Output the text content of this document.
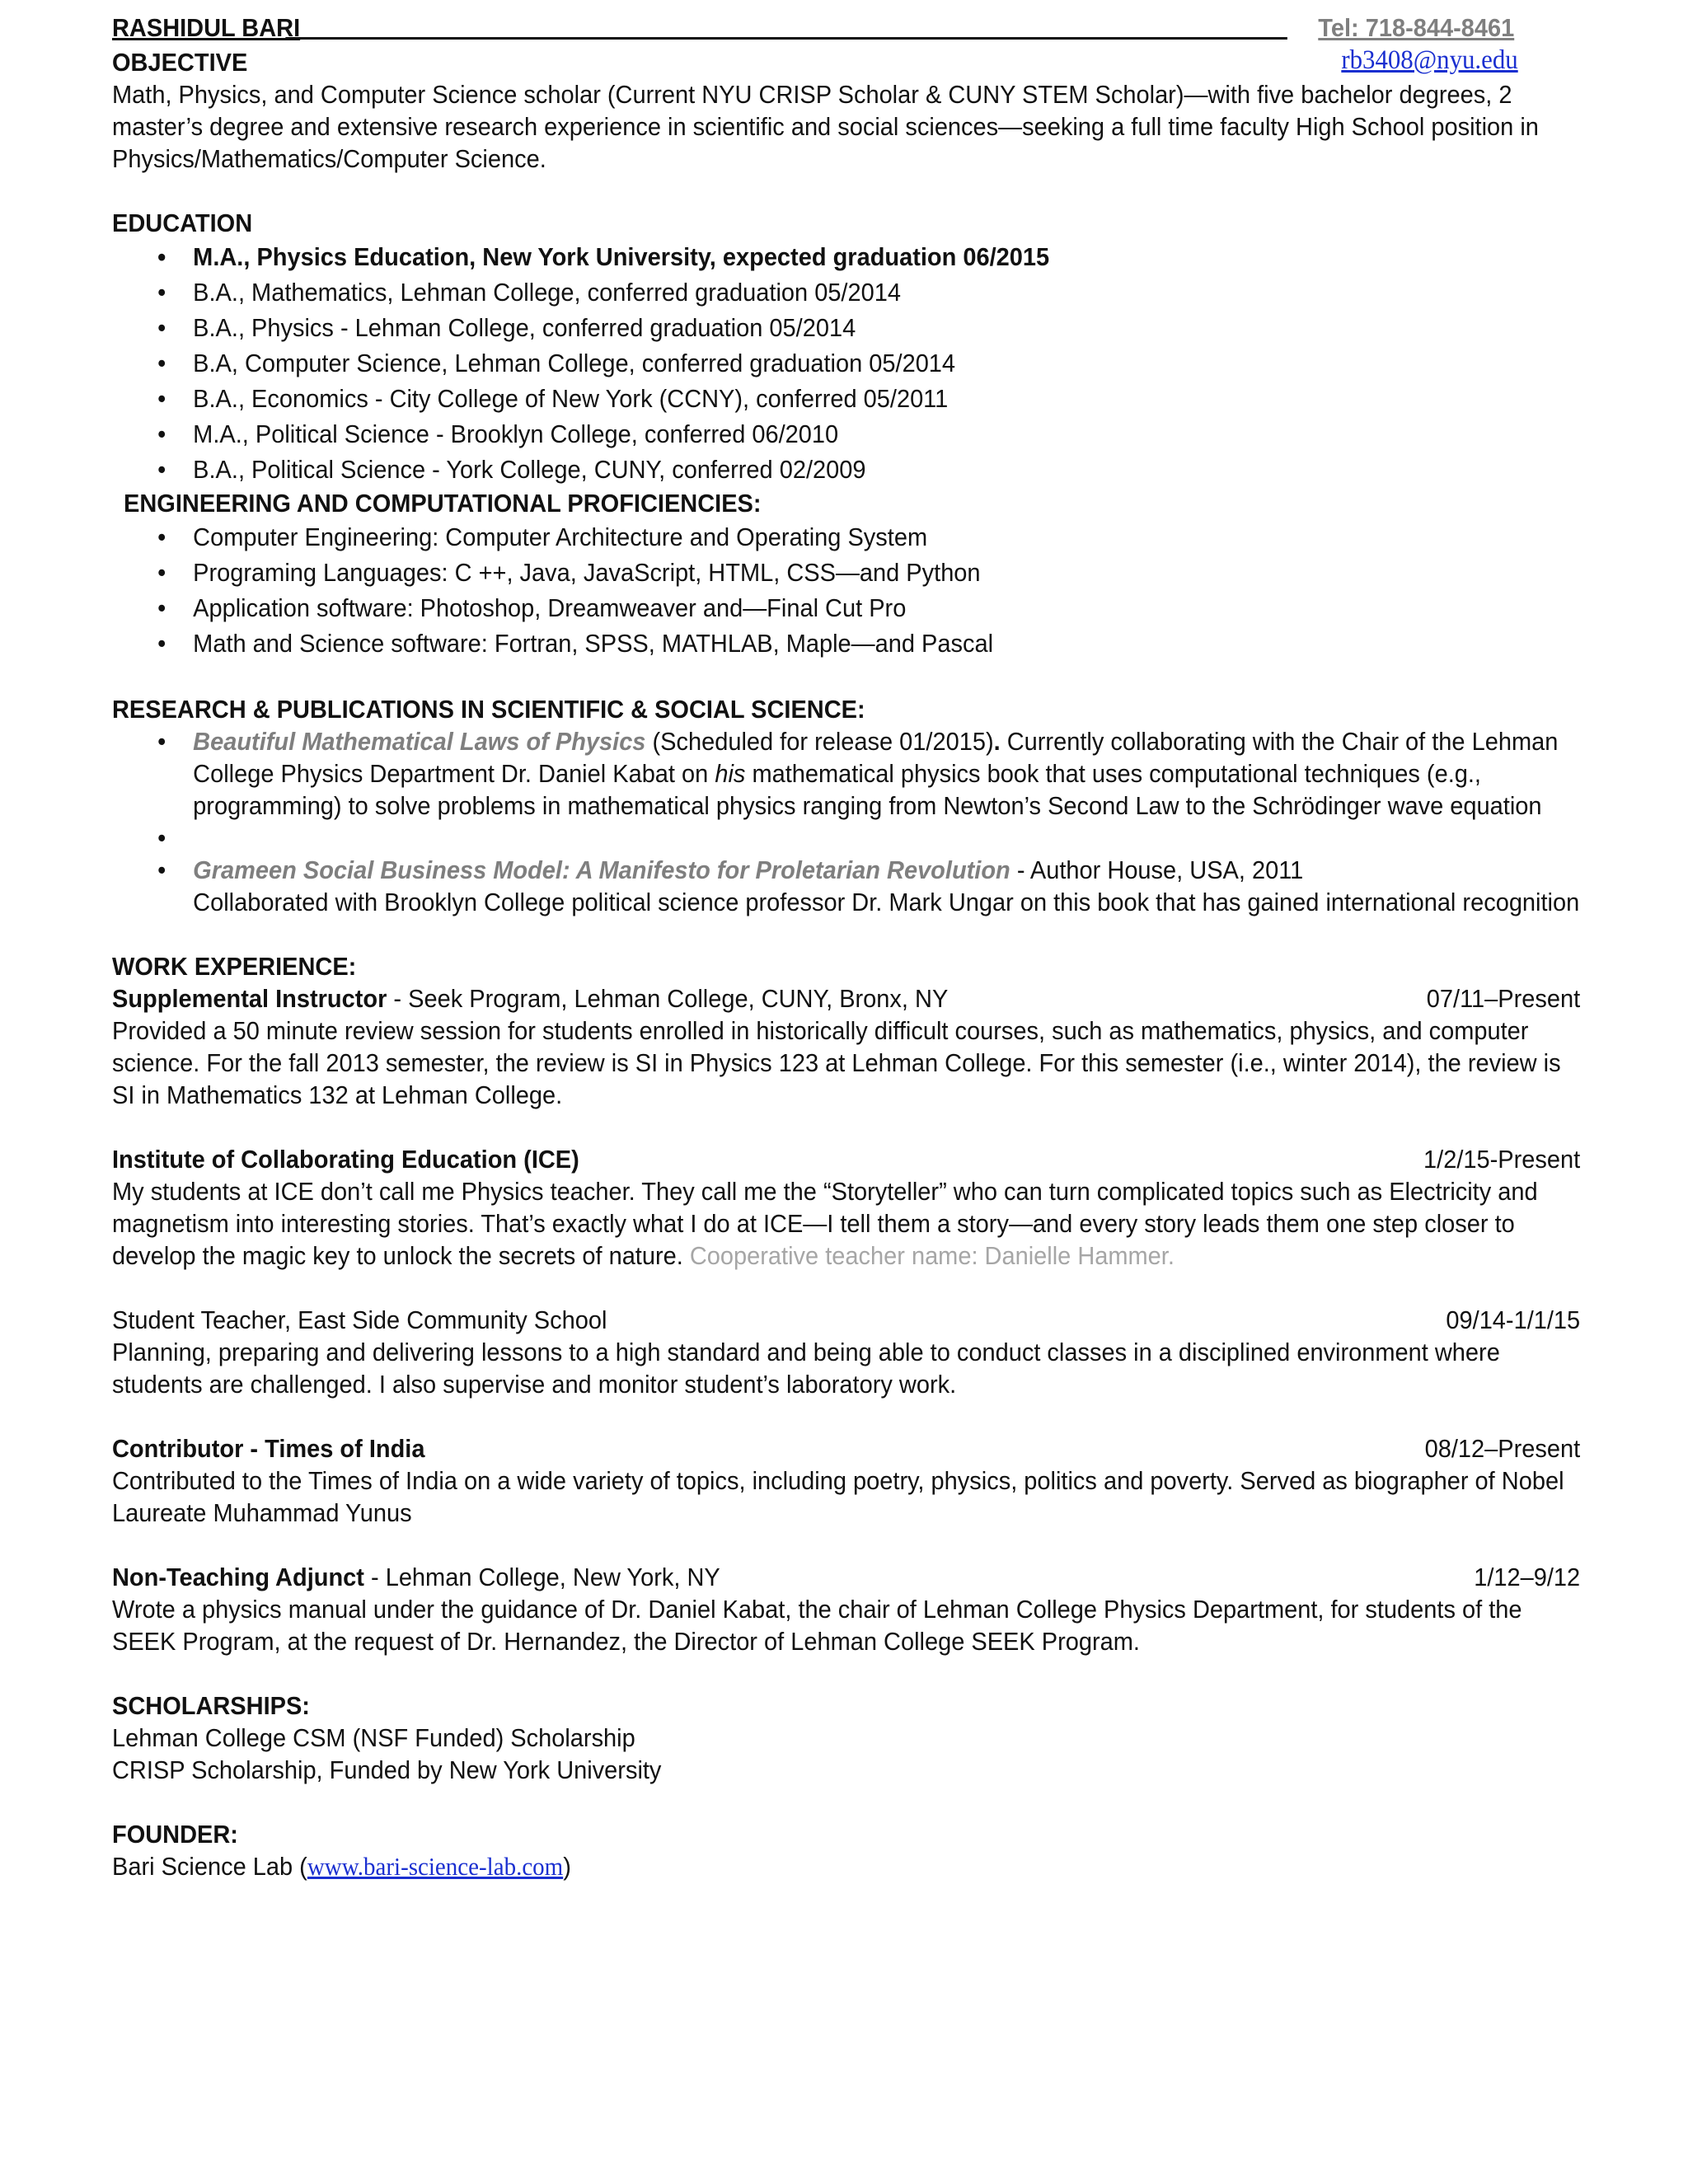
RASHIDUL BARI	Tel: 718-844-8461
rb3408@nyu.edu
OBJECTIVE

Math, Physics, and Computer Science scholar (Current NYU CRISP Scholar & CUNY STEM Scholar)—with five bachelor degrees, 2 master’s degree and extensive research experience in scientific and social sciences—seeking a full time faculty High School position in Physics/Mathematics/Computer Science.

EDUCATION
• M.A., Physics Education, New York University, expected graduation 06/2015
• B.A., Mathematics, Lehman College, conferred graduation 05/2014
• B.A., Physics - Lehman College, conferred graduation 05/2014
• B.A, Computer Science, Lehman College, conferred graduation 05/2014
• B.A., Economics - City College of New York (CCNY), conferred 05/2011
• M.A., Political Science - Brooklyn College, conferred 06/2010
• B.A., Political Science - York College, CUNY, conferred 02/2009
ENGINEERING AND COMPUTATIONAL PROFICIENCIES:
• Computer Engineering: Computer Architecture and Operating System
• Programing Languages: C ++, Java, JavaScript, HTML, CSS—and Python
• Application software: Photoshop, Dreamweaver and—Final Cut Pro
• Math and Science software: Fortran, SPSS, MATHLAB, Maple—and Pascal
RESEARCH & PUBLICATIONS IN SCIENTIFIC & SOCIAL SCIENCE:
• Beautiful Mathematical Laws of Physics (Scheduled for release 01/2015). Currently collaborating with the Chair of the Lehman College Physics Department Dr. Daniel Kabat on his mathematical physics book that uses computational techniques (e.g., programming) to solve problems in mathematical physics ranging from Newton’s Second Law to the Schrödinger wave equation
•
• Grameen Social Business Model: A Manifesto for Proletarian Revolution - Author House, USA, 2011
Collaborated with Brooklyn College political science professor Dr. Mark Ungar on this book that has gained international recognition
WORK EXPERIENCE:
Supplemental Instructor - Seek Program, Lehman College, CUNY, Bronx, NY	07/11–Present

Provided a 50 minute review session for students enrolled in historically difficult courses, such as mathematics, physics, and computer science. For the fall 2013 semester, the review is SI in Physics 123 at Lehman College. For this semester (i.e., winter 2014), the review is SI in Mathematics 132 at Lehman College.

Institute of Collaborating Education (ICE)	1/2/15-Present

My students at ICE don’t call me Physics teacher. They call me the “Storyteller” who can turn complicated topics such as Electricity and magnetism into interesting stories. That’s exactly what I do at ICE—I tell them a story—and every story leads them one step closer to develop the magic key to unlock the secrets of nature. Cooperative teacher name: Danielle Hammer.

Student Teacher, East Side Community School	09/14-1/1/15

Planning, preparing and delivering lessons to a high standard and being able to conduct classes in a disciplined environment where students are challenged. I also supervise and monitor student’s laboratory work.

Contributor - Times of India	08/12–Present

Contributed to the Times of India on a wide variety of topics, including poetry, physics, politics and poverty. Served as biographer of Nobel Laureate Muhammad Yunus

Non-Teaching Adjunct - Lehman College, New York, NY	1/12–9/12

Wrote a physics manual under the guidance of Dr. Daniel Kabat, the chair of Lehman College Physics Department, for students of the SEEK Program, at the request of Dr. Hernandez, the Director of Lehman College SEEK Program.

SCHOLARSHIPS:

Lehman College CSM (NSF Funded) Scholarship

CRISP Scholarship, Funded by New York University

FOUNDER:

Bari Science Lab (www.bari-science-lab.com)
